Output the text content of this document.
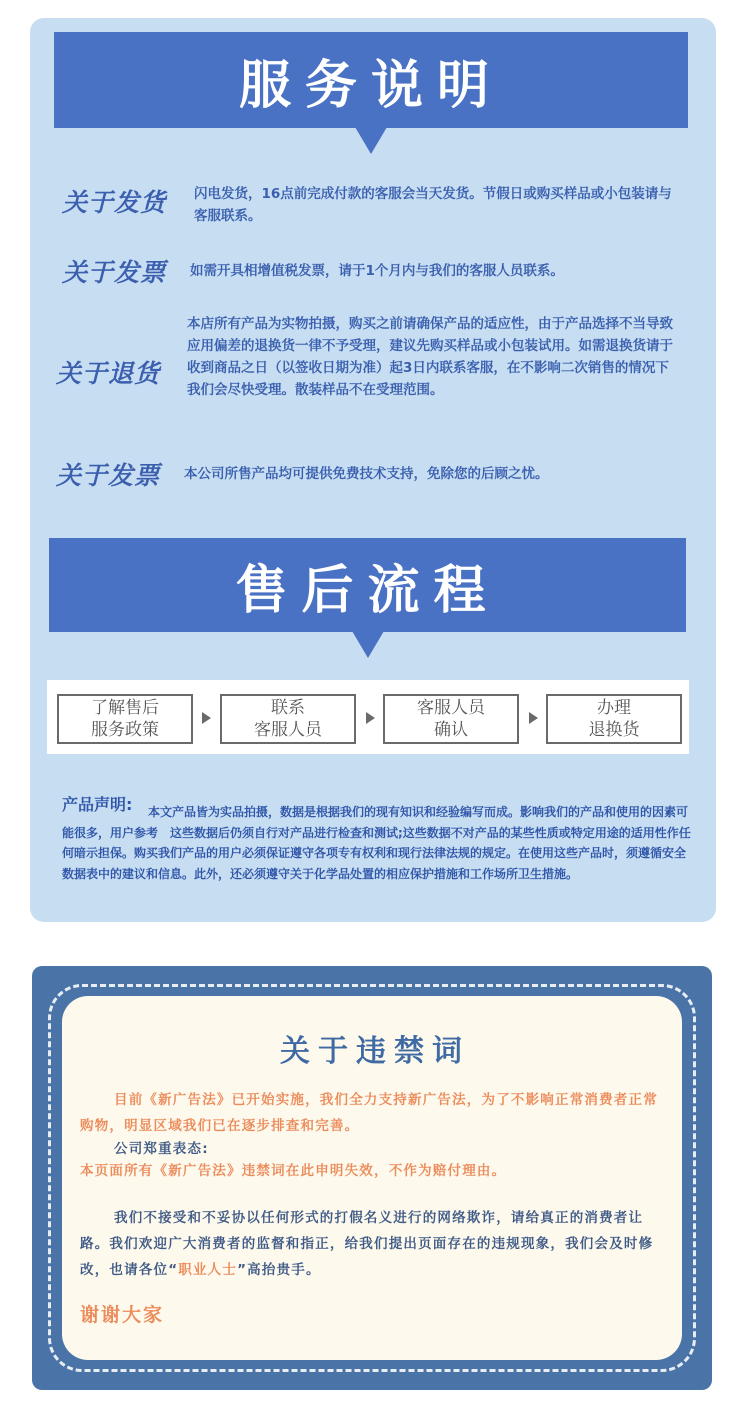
服务说明
关于发货 闪电发货，16点前完成付款的客服会当天发货。节假日或购买样品或小包装请与客服联系。

关于发票 如需开具相增值税发票，请于1个月内与我们的客服人员联系。

关于退货

本店所有产品为实物拍摄，购买之前请确保产品的适应性，由于产品选择不当导致应用偏差的退换货一律不予受理，建议先购买样品或小包装试用。如需退换货请于收到商品之日（以签收日期为准）起3日内联系客服，在不影响二次销售的情况下我们会尽快受理。散装样品不在受理范围。

关于发票 本公司所售产品均可提供免费技术支持，免除您的后顾之忧。

售后流程
了解售后
服务政策
联系
客服人员
客服人员
确认
办理
退换货
产品声明:	本文产品皆为实品拍摄，数据是根据我们的现有知识和经验编写而成。影响我们的产品和使用的因素可能很多，用户参考　这些数据后仍须自行对产品进行检查和测试;这些数据不对产品的某些性质或特定用途的适用性作任何暗示担保。购买我们产品的用户必须保证遵守各项专有权利和现行法律法规的规定。在使用这些产品时，须遵循安全数据表中的建议和信息。此外，还必须遵守关于化学品处置的相应保护措施和工作场所卫生措施。

关于违禁词

目前《新广告法》已开始实施，我们全力支持新广告法，为了不影响正常消费者正常购物，明显区域我们已在逐步排查和完善。

公司郑重表态:

本页面所有《新广告法》违禁词在此申明失效，不作为赔付理由。

我们不接受和不妥协以任何形式的打假名义进行的网络欺诈，请给真正的消费者让路。我们欢迎广大消费者的监督和指正，给我们提出页面存在的违规现象，我们会及时修改，也请各位“职业人士”高抬贵手。

谢谢大家
